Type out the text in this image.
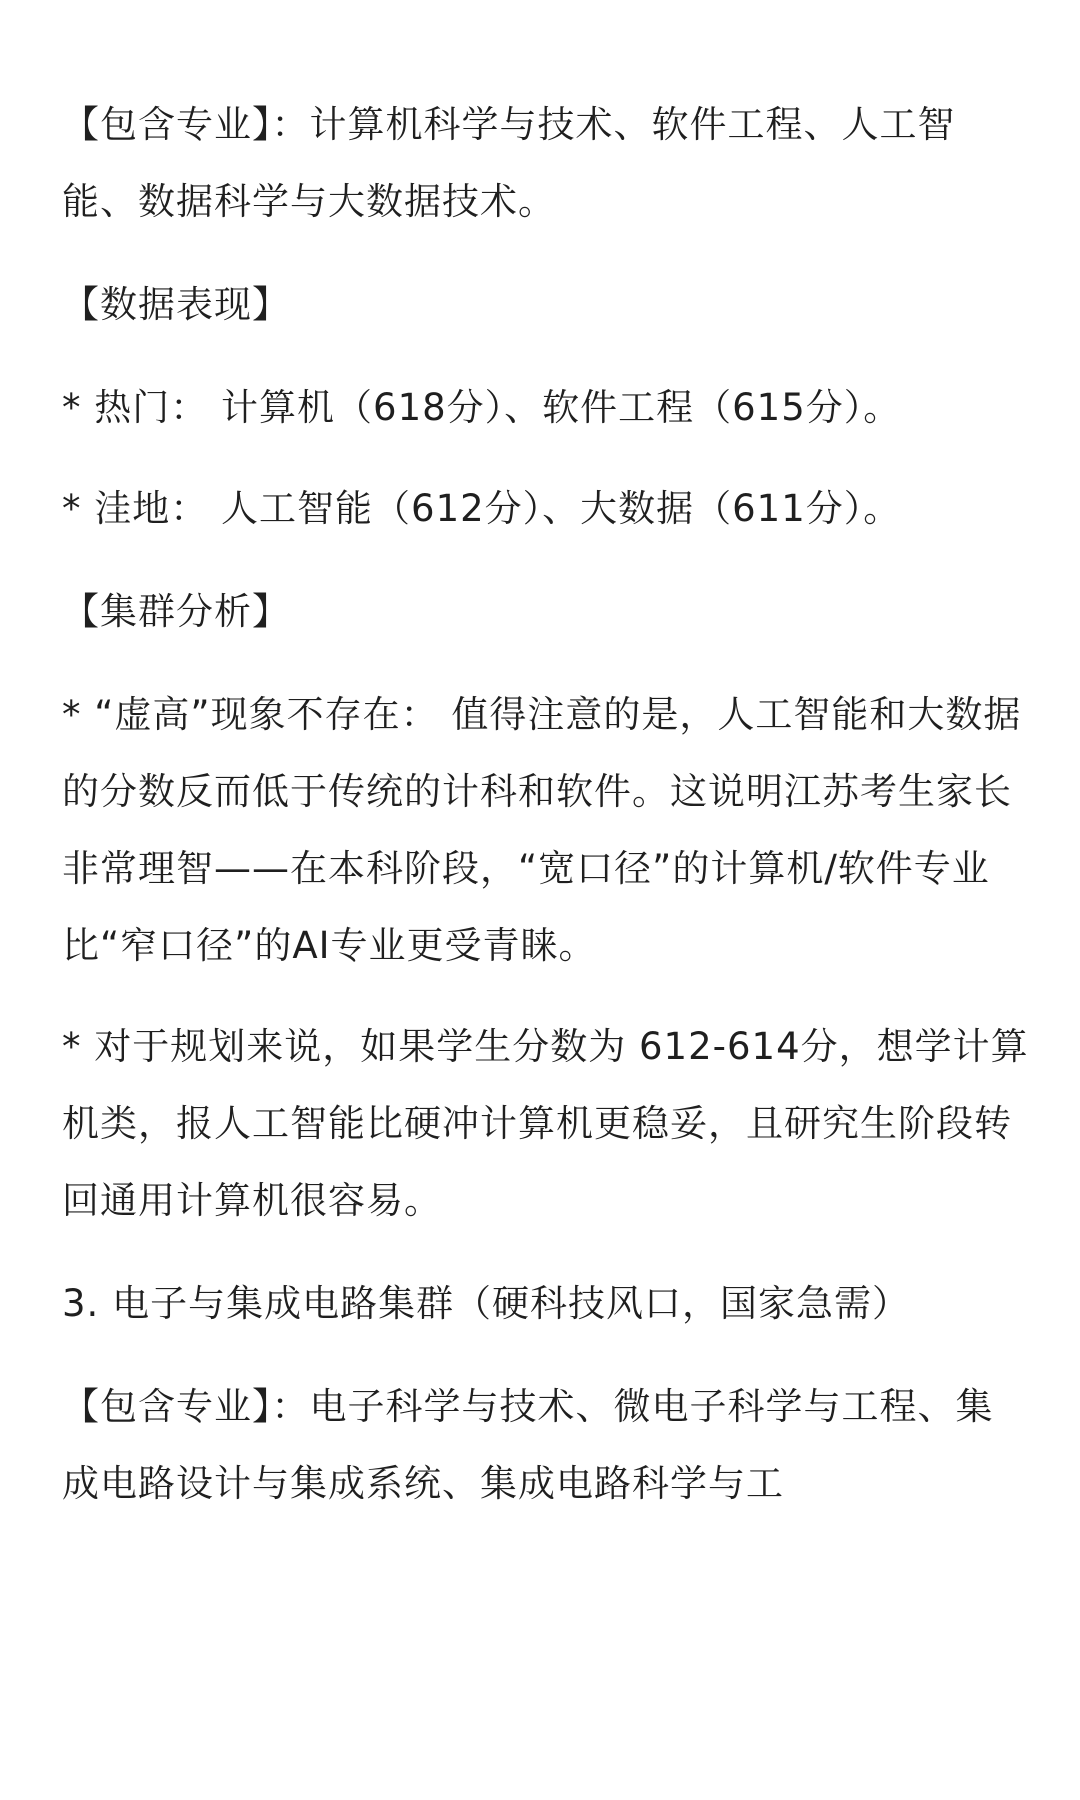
【包含专业】：计算机科学与技术、软件工程、人工智能、数据科学与大数据技术。

【数据表现】

* 热门： 计算机（618分）、软件工程（615分）。

* 洼地： 人工智能（612分）、大数据（611分）。

【集群分析】

* “虚高”现象不存在： 值得注意的是，人工智能和大数据的分数反而低于传统的计科和软件。这说明江苏考生家长非常理智——在本科阶段，“宽口径”的计算机/软件专业比“窄口径”的AI专业更受青睐。

* 对于规划来说，如果学生分数为 612-614分，想学计算机类，报人工智能比硬冲计算机更稳妥，且研究生阶段转回通用计算机很容易。

3. 电子与集成电路集群（硬科技风口，国家急需）

【包含专业】：电子科学与技术、微电子科学与工程、集成电路设计与集成系统、集成电路科学与工
